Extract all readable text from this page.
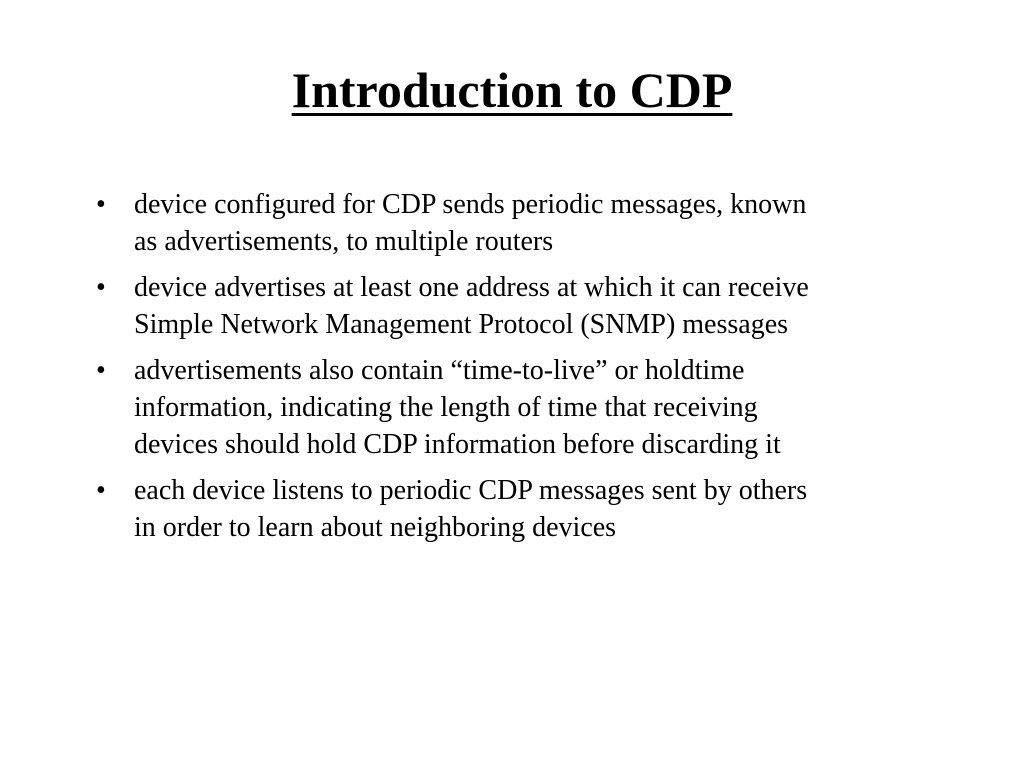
Introduction to CDP
•	device configured for CDP sends periodic messages, known
as advertisements, to multiple routers
•	device advertises at least one address at which it can receive
Simple Network Management Protocol (SNMP) messages
•	advertisements also contain “time-to-live” or holdtime
information, indicating the length of time that receiving
devices should hold CDP information before discarding it
•	each device listens to periodic CDP messages sent by others
in order to learn about neighboring devices
